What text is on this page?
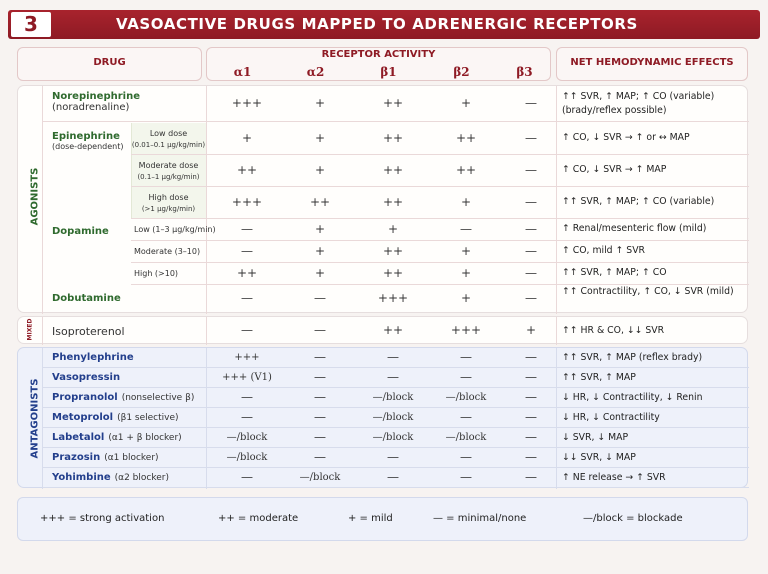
3	VASOACTIVE DRUGS MAPPED TO ADRENERGIC RECEPTORS
DRUG
RECEPTOR ACTIVITY
α1	α2	β1	β2	β3
NET HEMODYNAMIC EFFECTS
AGONISTS
Norepinephrine
(noradrenaline)	+++	+	++	+	—	↑↑ SVR, ↑ MAP; ↑ CO (variable) (brady/reflex possible)
Epinephrine
(dose-dependent)
Low dose
(0.01–0.1 μg/kg/min)	+	+	++	++	—	↑ CO, ↓ SVR → ↑ or ↔ MAP
Moderate dose
(0.1–1 μg/kg/min)	++	+	++	++	—	↑ CO, ↓ SVR → ↑ MAP
High dose
(>1 μg/kg/min)	+++	++	++	+	—	↑↑ SVR, ↑ MAP; ↑ CO (variable)
Dopamine	Low (1–3 μg/kg/min)	—	+	+	—	—	↑ Renal/mesenteric flow (mild)
Moderate (3–10)	—	+	++	+	—	↑ CO, mild ↑ SVR
High (>10)	++	+	++	+	—	↑↑ SVR, ↑ MAP; ↑ CO
Dobutamine	—	—	+++	+	—	↑↑ Contractility, ↑ CO, ↓ SVR (mild)
MIXED Isoproterenol	—	—	++	+++	+	↑↑ HR & CO, ↓↓ SVR
ANTAGONISTS
Phenylephrine	+++	—	—	—	—	↑↑ SVR, ↑ MAP (reflex brady)
Vasopressin	+++ (V1)	—	—	—	—	↑↑ SVR, ↑ MAP
Propranolol (nonselective β)	—	—	—/block	—/block	—	↓ HR, ↓ Contractility, ↓ Renin
Metoprolol (β1 selective)	—	—	—/block	—	—	↓ HR, ↓ Contractility
Labetalol (α1 + β blocker)	—/block	—	—/block	—/block	—	↓ SVR, ↓ MAP
Prazosin (α1 blocker)	—/block	—	—	—	—	↓↓ SVR, ↓ MAP
Yohimbine (α2 blocker)	—	—/block	—	—	—	↑ NE release → ↑ SVR
+++ = strong activation	++ = moderate	+ = mild	— = minimal/none	—/block = blockade
